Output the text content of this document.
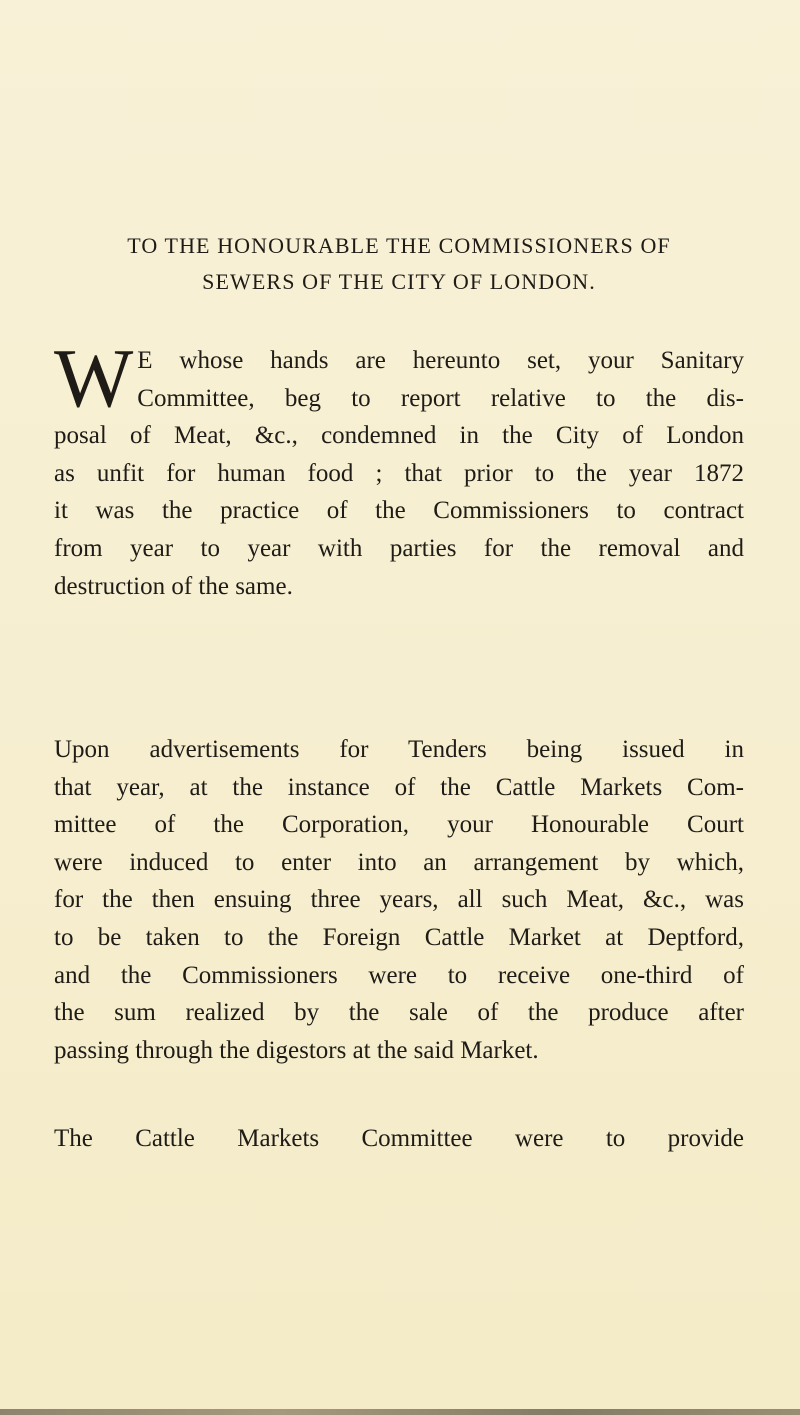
TO THE HONOURABLE THE COMMISSIONERS OF
SEWERS OF THE CITY OF LONDON.
W E whose hands are hereunto set, your Sanitary
Committee, beg to report relative to the dis-
posal of Meat, &c., condemned in the City of London
as unfit for human food ; that prior to the year 1872
it was the practice of the Commissioners to contract
from year to year with parties for the removal and
destruction of the same.
Upon advertisements for Tenders being issued in
that year, at the instance of the Cattle Markets Com-
mittee of the Corporation, your Honourable Court
were induced to enter into an arrangement by which,
for the then ensuing three years, all such Meat, &c., was
to be taken to the Foreign Cattle Market at Deptford,
and the Commissioners were to receive one-third of
the sum realized by the sale of the produce after
passing through the digestors at the said Market.
The Cattle Markets Committee were to provide
